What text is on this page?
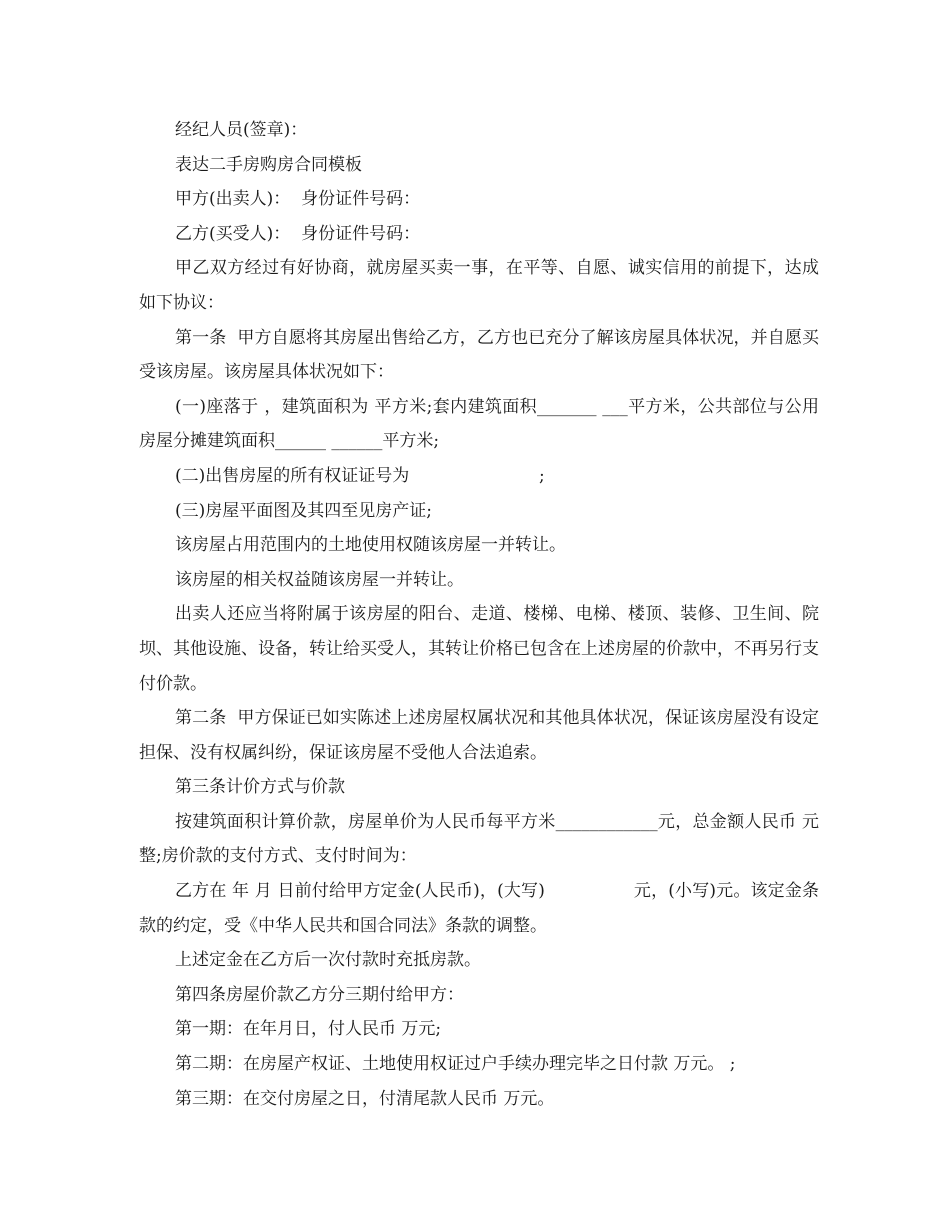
经纪人员(签章)：

表达二手房购房合同模板

甲方(出卖人)：  身份证件号码：

乙方(买受人)：  身份证件号码：

甲乙双方经过有好协商，就房屋买卖一事，在平等、自愿、诚实信用的前提下，达成如下协议：

第一条  甲方自愿将其房屋出售给乙方，乙方也已充分了解该房屋具体状况，并自愿买受该房屋。该房屋具体状况如下：

(一)座落于 ，建筑面积为 平方米;套内建筑面积_______ ___平方米，公共部位与公用房屋分摊建筑面积______ ______平方米;

(二)出售房屋的所有权证证号为                        ;

(三)房屋平面图及其四至见房产证;

该房屋占用范围内的土地使用权随该房屋一并转让。

该房屋的相关权益随该房屋一并转让。

出卖人还应当将附属于该房屋的阳台、走道、楼梯、电梯、楼顶、装修、卫生间、院坝、其他设施、设备，转让给买受人，其转让价格已包含在上述房屋的价款中，不再另行支付价款。

第二条  甲方保证已如实陈述上述房屋权属状况和其他具体状况，保证该房屋没有设定担保、没有权属纠纷，保证该房屋不受他人合法追索。

第三条计价方式与价款

按建筑面积计算价款，房屋单价为人民币每平方米____________元，总金额人民币 元整;房价款的支付方式、支付时间为：

乙方在 年 月 日前付给甲方定金(人民币)，(大写)                元，(小写)元。该定金条款的约定，受《中华人民共和国合同法》条款的调整。

上述定金在乙方后一次付款时充抵房款。

第四条房屋价款乙方分三期付给甲方：

第一期：在年月日，付人民币 万元;

第二期：在房屋产权证、土地使用权证过户手续办理完毕之日付款 万元。 ;

第三期：在交付房屋之日，付清尾款人民币 万元。
